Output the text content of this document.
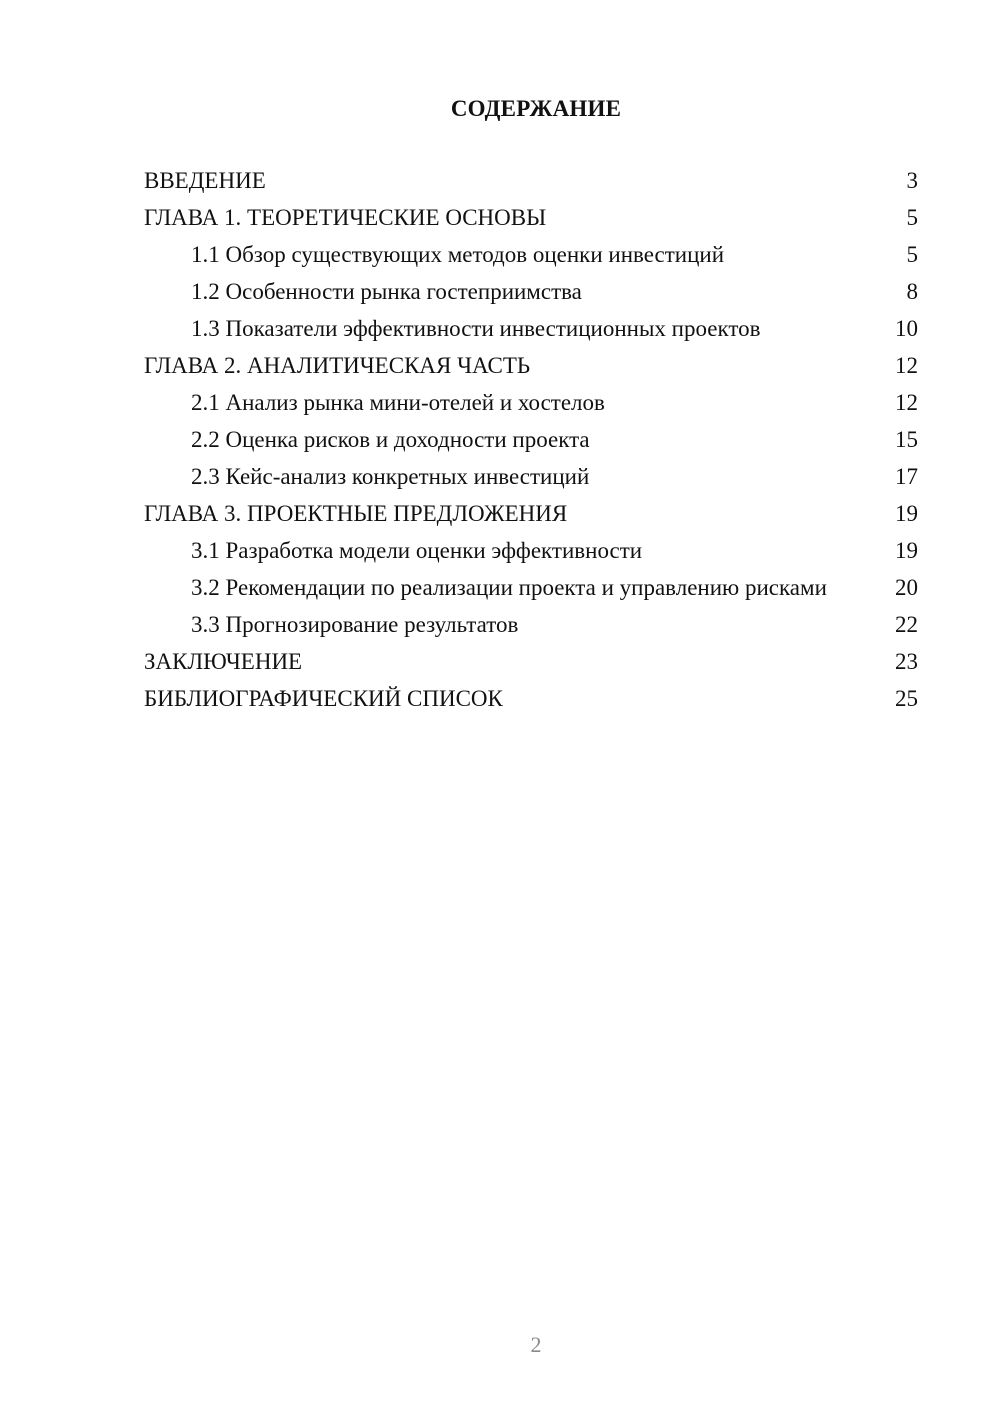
СОДЕРЖАНИЕ
ВВЕДЕНИЕ	3
ГЛАВА 1. ТЕОРЕТИЧЕСКИЕ ОСНОВЫ	5
1.1 Обзор существующих методов оценки инвестиций	5
1.2 Особенности рынка гостеприимства	8
1.3 Показатели эффективности инвестиционных проектов	10
ГЛАВА 2. АНАЛИТИЧЕСКАЯ ЧАСТЬ	12
2.1 Анализ рынка мини-отелей и хостелов	12
2.2 Оценка рисков и доходности проекта	15
2.3 Кейс-анализ конкретных инвестиций	17
ГЛАВА 3. ПРОЕКТНЫЕ ПРЕДЛОЖЕНИЯ	19
3.1 Разработка модели оценки эффективности	19
3.2 Рекомендации по реализации проекта и управлению рисками	20
3.3 Прогнозирование результатов	22
ЗАКЛЮЧЕНИЕ	23
БИБЛИОГРАФИЧЕСКИЙ СПИСОК	25
2
